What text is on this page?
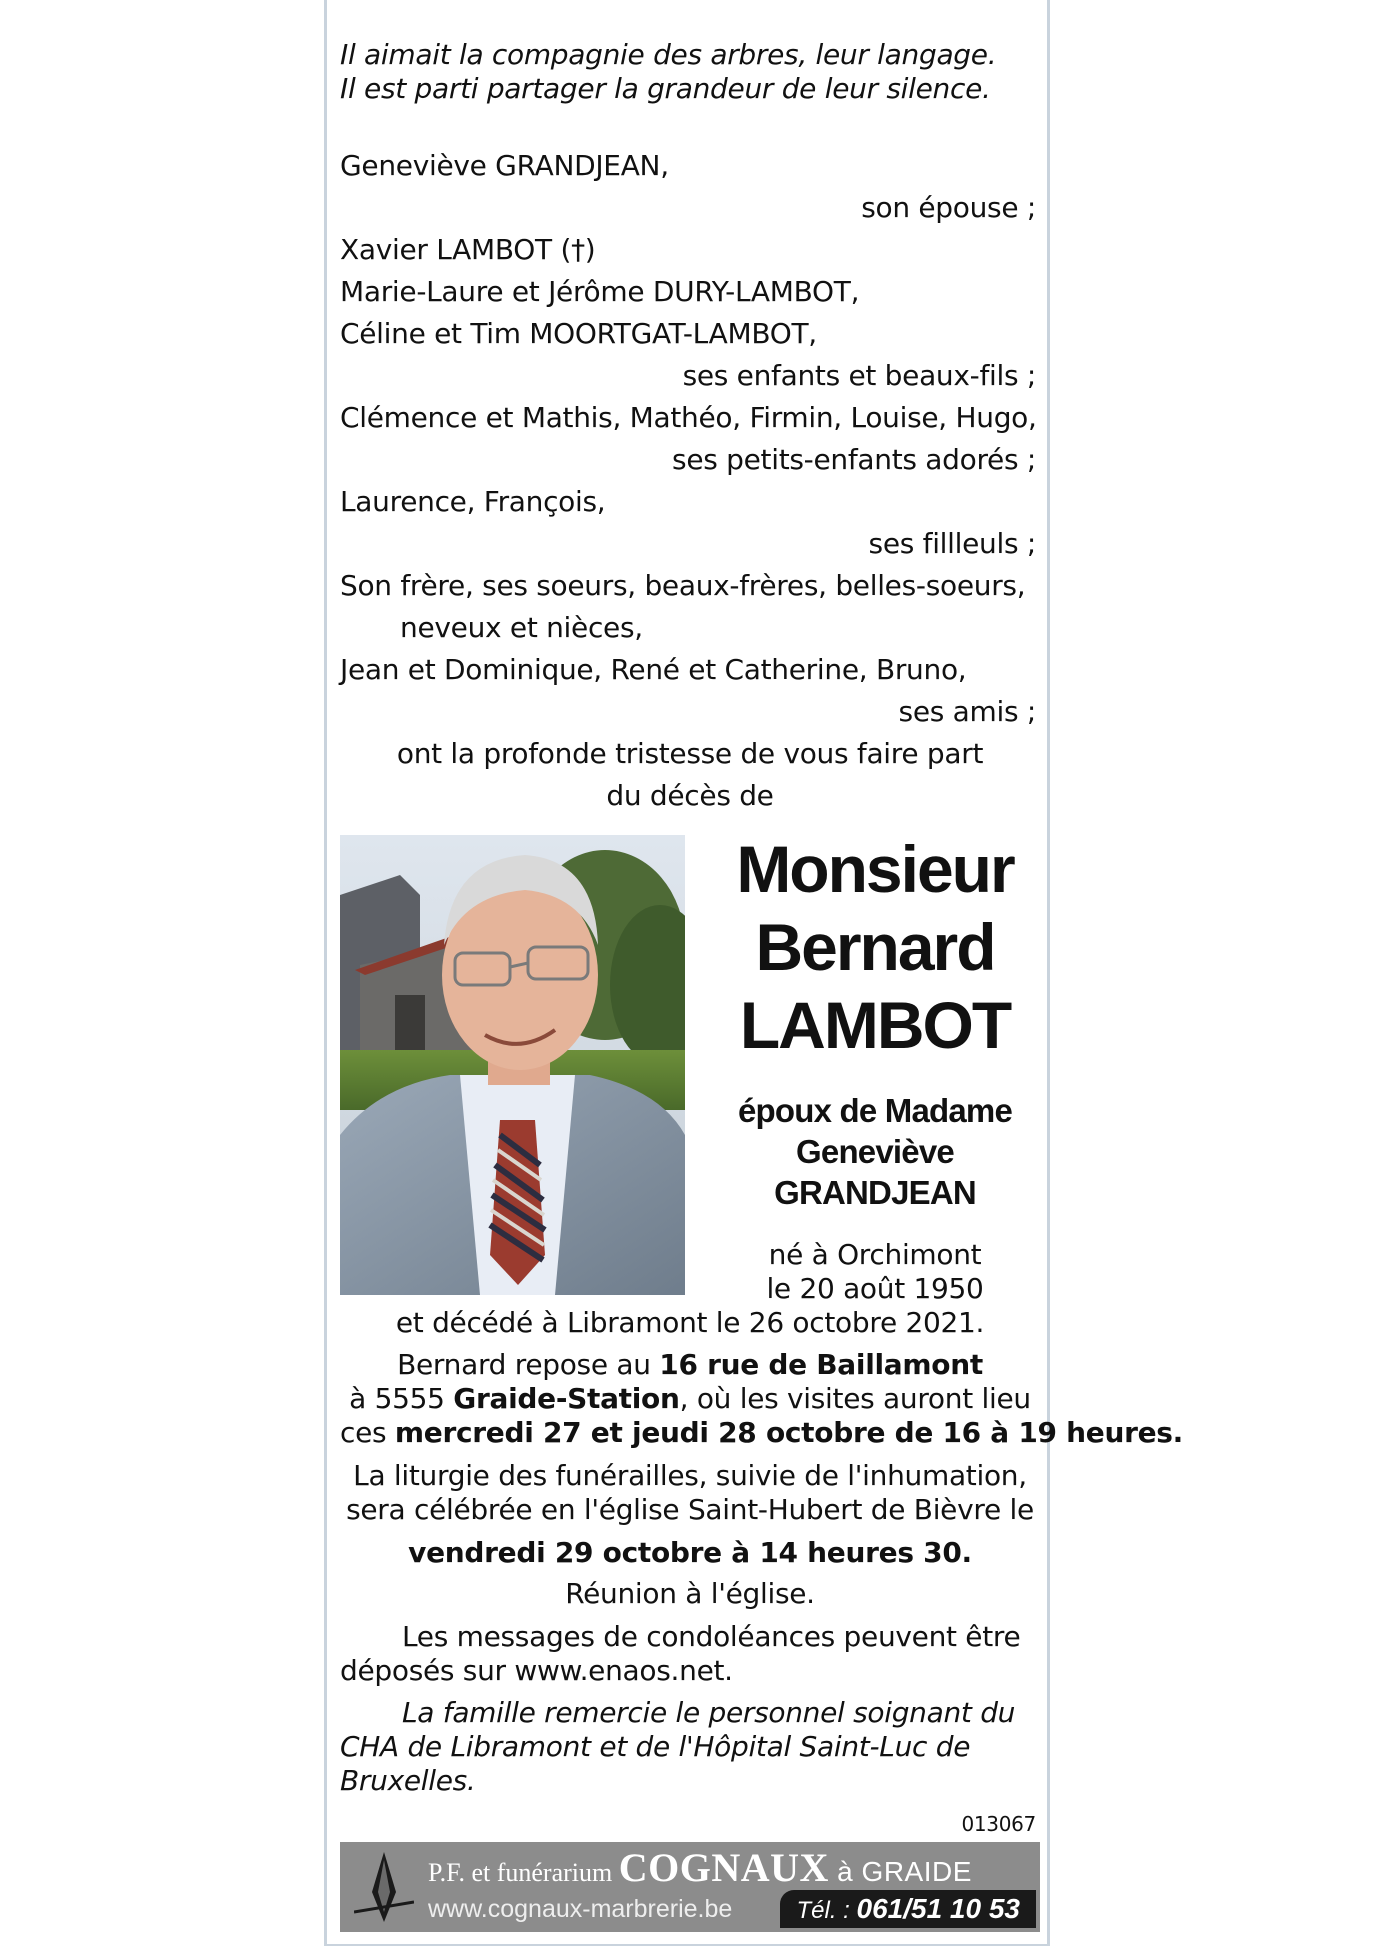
Il aimait la compagnie des arbres, leur langage.
Il est parti partager la grandeur de leur silence.
Geneviève GRANDJEAN,
son épouse ;
Xavier LAMBOT (†)
Marie-Laure et Jérôme DURY-LAMBOT,
Céline et Tim MOORTGAT-LAMBOT,
ses enfants et beaux-fils ;
Clémence et Mathis, Mathéo, Firmin, Louise, Hugo,
ses petits-enfants adorés ;
Laurence, François,
ses fillleuls ;
Son frère, ses soeurs, beaux-frères, belles-soeurs,
neveux et nièces,
Jean et Dominique, René et Catherine, Bruno,
ses amis ;
ont la profonde tristesse de vous faire part
du décès de
Monsieur
Bernard
LAMBOT
époux de Madame
Geneviève
GRANDJEAN
né à Orchimont
le 20 août 1950
et décédé à Libramont le 26 octobre 2021.
Bernard repose au 16 rue de Baillamont
à 5555 Graide-Station, où les visites auront lieu
ces mercredi 27 et jeudi 28 octobre de 16 à 19 heures.
La liturgie des funérailles, suivie de l'inhumation,
sera célébrée en l'église Saint-Hubert de Bièvre le
vendredi 29 octobre à 14 heures 30.
Réunion à l'église.
Les messages de condoléances peuvent être
déposés sur www.enaos.net.
La famille remercie le personnel soignant du
CHA de Libramont et de l'Hôpital Saint-Luc de
Bruxelles.
013067
P.F. et funérarium COGNAUX à GRAIDE
www.cognaux-marbrerie.be	Tél. : 061/51 10 53
